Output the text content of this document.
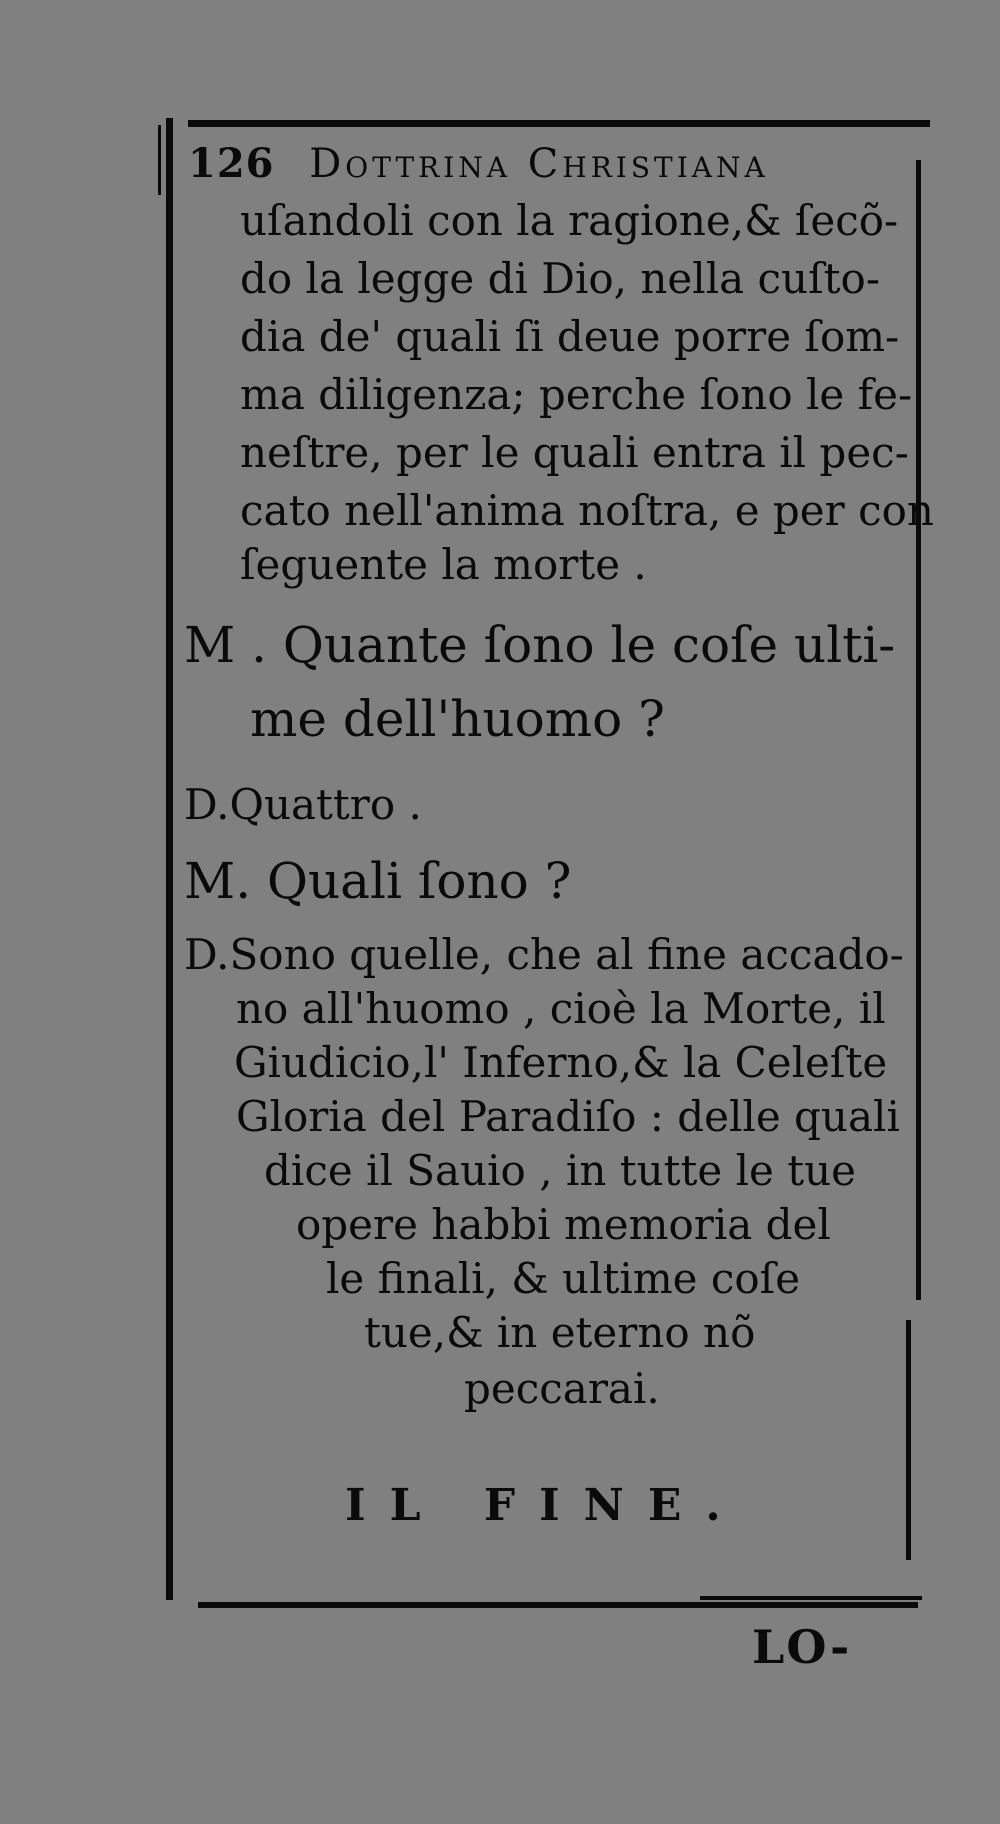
126 Dottrina Christiana
uſandoli con la ragione,& ſecõ-
do la legge di Dio, nella cuſto-
dia de' quali ſi deue porre ſom-
ma diligenza; perche ſono le fe-
neſtre, per le quali entra il pec-
cato nell'anima noſtra, e per con
ſeguente la morte .
M . Quante ſono le coſe ulti-
me dell'huomo ?
D.Quattro .
M. Quali ſono ?
D.Sono quelle, che al fine accado-
no all'huomo , cioè la Morte, il
Giudicio,l' Inferno,& la Celeſte
Gloria del Paradiſo : delle quali
dice il Sauio , in tutte le tue
opere habbi memoria del
le finali, & ultime coſe
tue,& in eterno nõ
peccarai.
IL FINE.
LO-
